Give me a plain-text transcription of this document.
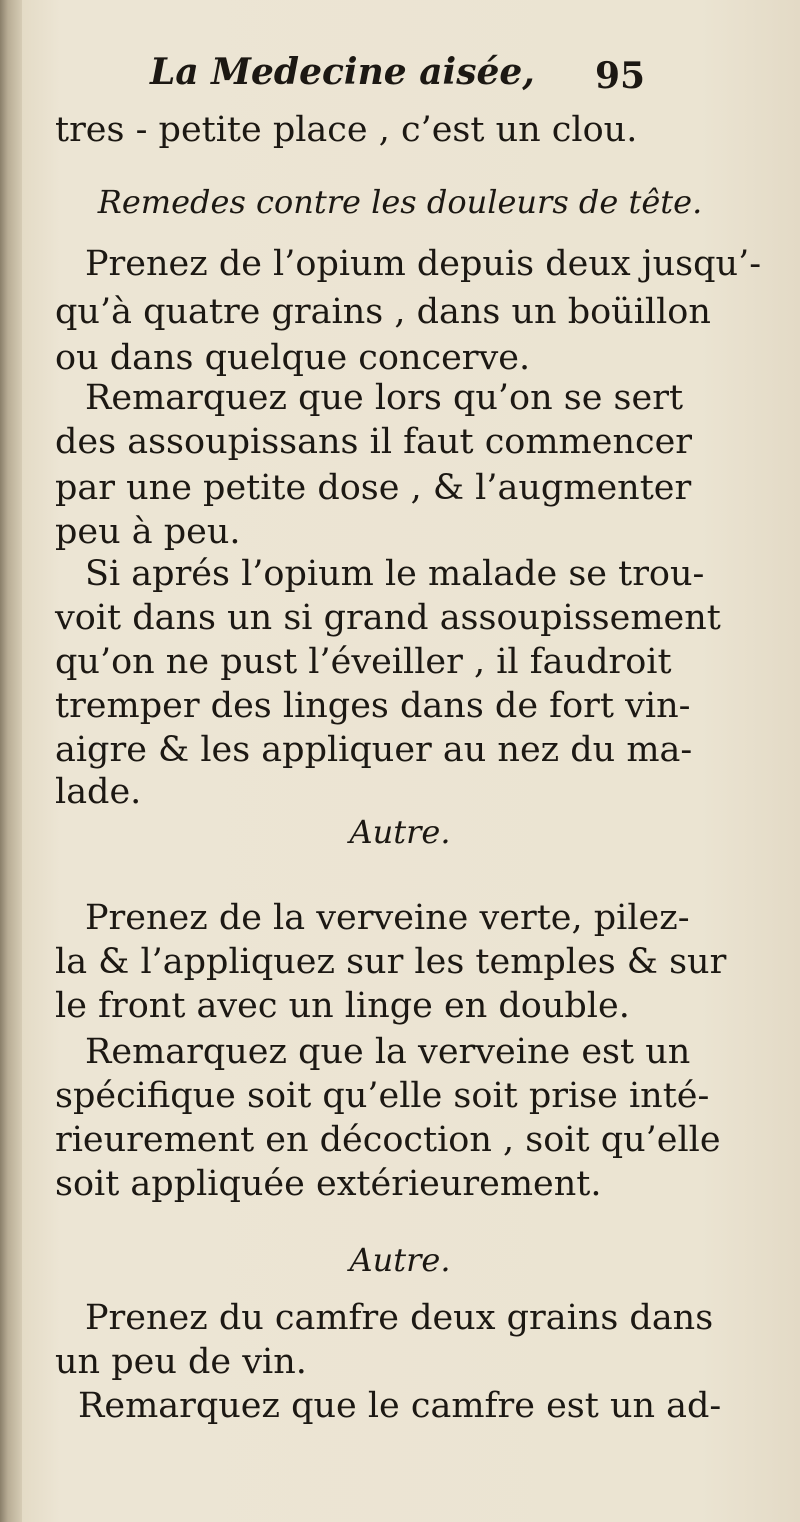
La Medecine aisée, 95
tres - petite place , c’est un clou.
Remedes contre les douleurs de tête.
Prenez de l’opium depuis deux jusqu’-
qu’à quatre grains , dans un boüillon
ou dans quelque concerve.
Remarquez que lors qu’on se sert
des assoupissans il faut commencer
par une petite dose , & l’augmenter
peu à peu.
Si aprés l’opium le malade se trou-
voit dans un si grand assoupissement
qu’on ne pust l’éveiller , il faudroit
tremper des linges dans de fort vin-
aigre & les appliquer au nez du ma-
lade.
Autre.
Prenez de la verveine verte, pilez-
la & l’appliquez sur les temples & sur
le front avec un linge en double.
Remarquez que la verveine est un
spécifique soit qu’elle soit prise inté-
rieurement en décoction , soit qu’elle
soit appliquée extérieurement.
Autre.
Prenez du camfre deux grains dans
un peu de vin.
Remarquez que le camfre est un ad-
